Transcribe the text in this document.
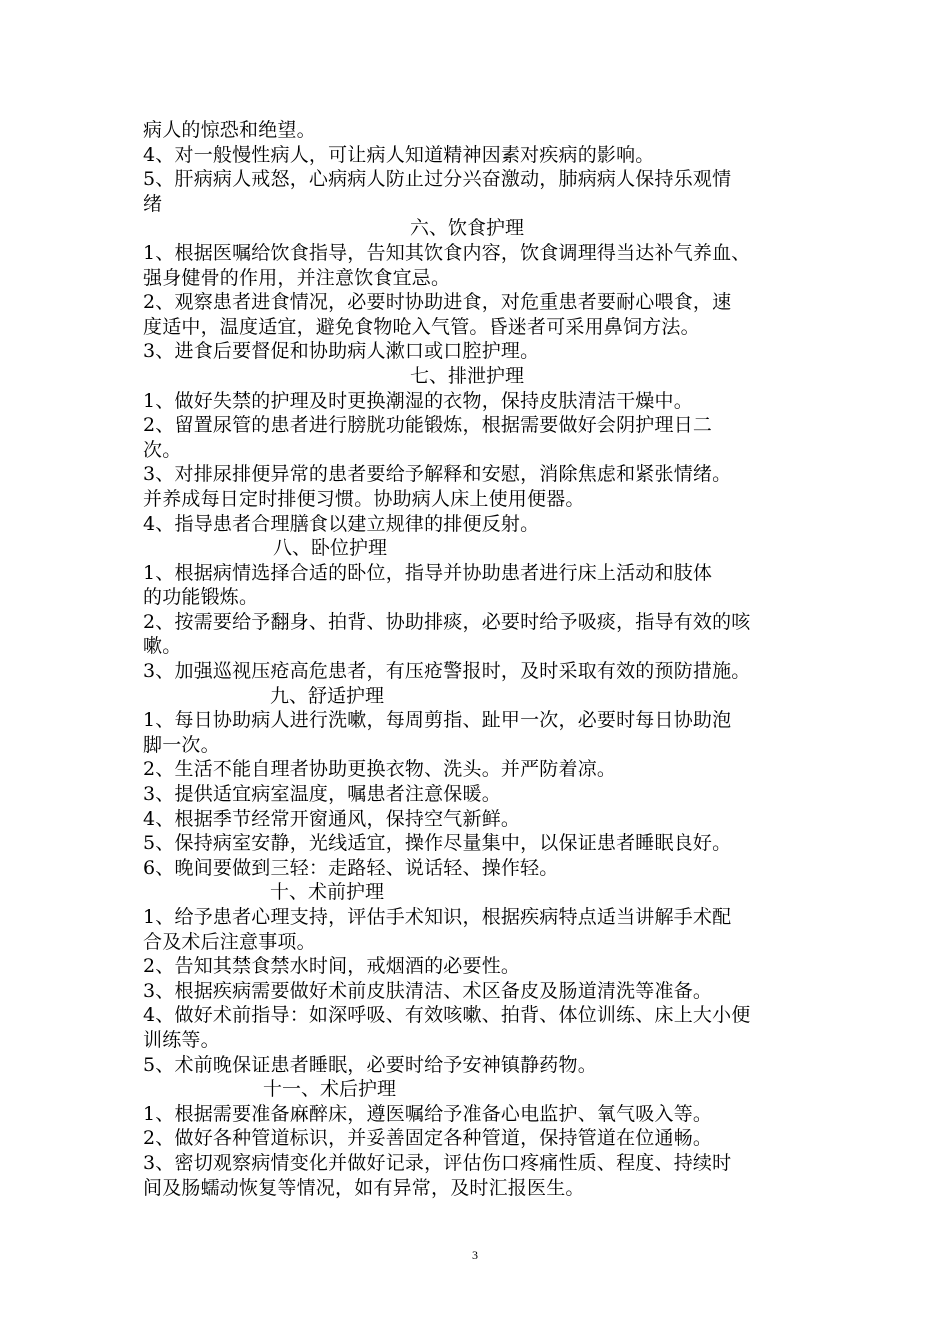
病人的惊恐和绝望。
4、对一般慢性病人，可让病人知道精神因素对疾病的影响。
5、肝病病人戒怒，心病病人防止过分兴奋激动，肺病病人保持乐观情
绪
六、饮食护理
1、根据医嘱给饮食指导，告知其饮食内容，饮食调理得当达补气养血、
强身健骨的作用，并注意饮食宜忌。
2、观察患者进食情况，必要时协助进食，对危重患者要耐心喂食，速
度适中，温度适宜，避免食物呛入气管。昏迷者可采用鼻饲方法。
3、进食后要督促和协助病人漱口或口腔护理。
七、排泄护理
1、做好失禁的护理及时更换潮湿的衣物，保持皮肤清洁干燥中。
2、留置尿管的患者进行膀胱功能锻炼，根据需要做好会阴护理日二
次。
3、对排尿排便异常的患者要给予解释和安慰，消除焦虑和紧张情绪。
并养成每日定时排便习惯。协助病人床上使用便器。
4、指导患者合理膳食以建立规律的排便反射。
八、卧位护理
1、根据病情选择合适的卧位，指导并协助患者进行床上活动和肢体
的功能锻炼。
2、按需要给予翻身、拍背、协助排痰，必要时给予吸痰，指导有效的咳
嗽。
3、加强巡视压疮高危患者，有压疮警报时，及时采取有效的预防措施。
九、舒适护理
1、每日协助病人进行洗嗽，每周剪指、趾甲一次，必要时每日协助泡
脚一次。
2、生活不能自理者协助更换衣物、洗头。并严防着凉。
3、提供适宜病室温度，嘱患者注意保暖。
4、根据季节经常开窗通风，保持空气新鲜。
5、保持病室安静，光线适宜，操作尽量集中，以保证患者睡眠良好。
6、晚间要做到三轻：走路轻、说话轻、操作轻。
十、术前护理
1、给予患者心理支持，评估手术知识，根据疾病特点适当讲解手术配
合及术后注意事项。
2、告知其禁食禁水时间，戒烟酒的必要性。
3、根据疾病需要做好术前皮肤清洁、术区备皮及肠道清洗等准备。
4、做好术前指导：如深呼吸、有效咳嗽、拍背、体位训练、床上大小便
训练等。
5、术前晚保证患者睡眠，必要时给予安神镇静药物。
十一、术后护理
1、根据需要准备麻醉床，遵医嘱给予准备心电监护、氧气吸入等。
2、做好各种管道标识，并妥善固定各种管道，保持管道在位通畅。
3、密切观察病情变化并做好记录，评估伤口疼痛性质、程度、持续时
间及肠蠕动恢复等情况，如有异常，及时汇报医生。
3
